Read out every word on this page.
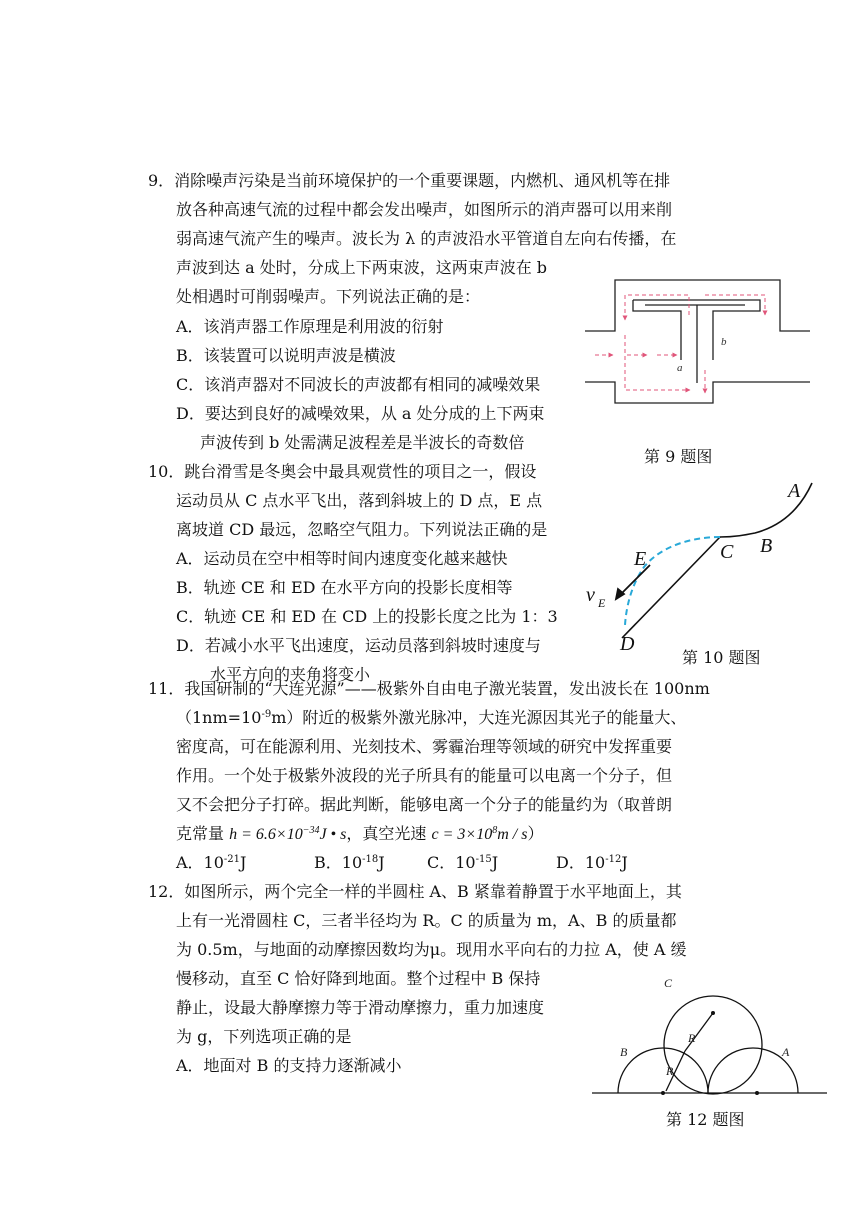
9．消除噪声污染是当前环境保护的一个重要课题，内燃机、通风机等在排
放各种高速气流的过程中都会发出噪声，如图所示的消声器可以用来削
弱高速气流产生的噪声。波长为 λ 的声波沿水平管道自左向右传播，在
声波到达 a 处时，分成上下两束波，这两束声波在 b
处相遇时可削弱噪声。下列说法正确的是：
A．该消声器工作原理是利用波的衍射
B．该装置可以说明声波是横波
C．该消声器对不同波长的声波都有相同的减噪效果
D．要达到良好的减噪效果，从 a 处分成的上下两束
声波传到 b 处需满足波程差是半波长的奇数倍
a
b
第 9 题图
10．跳台滑雪是冬奥会中最具观赏性的项目之一，假设
运动员从 C 点水平飞出，落到斜坡上的 D 点，E 点
离坡道 CD 最远，忽略空气阻力。下列说法正确的是
A．运动员在空中相等时间内速度变化越来越快
B．轨迹 CE 和 ED 在水平方向的投影长度相等
C．轨迹 CE 和 ED 在 CD 上的投影长度之比为 1：3
D．若减小水平飞出速度，运动员落到斜坡时速度与
水平方向的夹角将变小
A
B
C
E
D
v E
第 10 题图
11．我国研制的“大连光源”——极紫外自由电子激光装置，发出波长在 100nm
$(1nm=10^{-9}m)$附近的极紫外激光脉冲，大连光源因其光子的能量大、
密度高，可在能源利用、光刻技术、雾霾治理等领域的研究中发挥重要
作用。一个处于极紫外波段的光子所具有的能量可以电离一个分子，但
又不会把分子打碎。据此判断，能够电离一个分子的能量约为（取普朗
克常量 $h = 6.6\times 10^{-34}J$ • s，真空光速 $c = 3\times 10^8m / s$）
A．$10^{-21}J$	B．$10^{-18}J$	C．$10^{-15}J$	D．$10^{-12}J$
12．如图所示，两个完全一样的半圆柱 A、B 紧靠着静置于水平地面上，其
上有一光滑圆柱 C，三者半径均为 R。C 的质量为 m，A、B 的质量都
为 0.5m，与地面的动摩擦因数均为μ。现用水平向右的力拉 A，使 A 缓
慢移动，直至 C 恰好降到地面。整个过程中 B 保持
静止，设最大静摩擦力等于滑动摩擦力，重力加速度
为 g，下列选项正确的是
A．地面对 B 的支持力逐渐减小
C
B	A
R
R
第 12 题图
